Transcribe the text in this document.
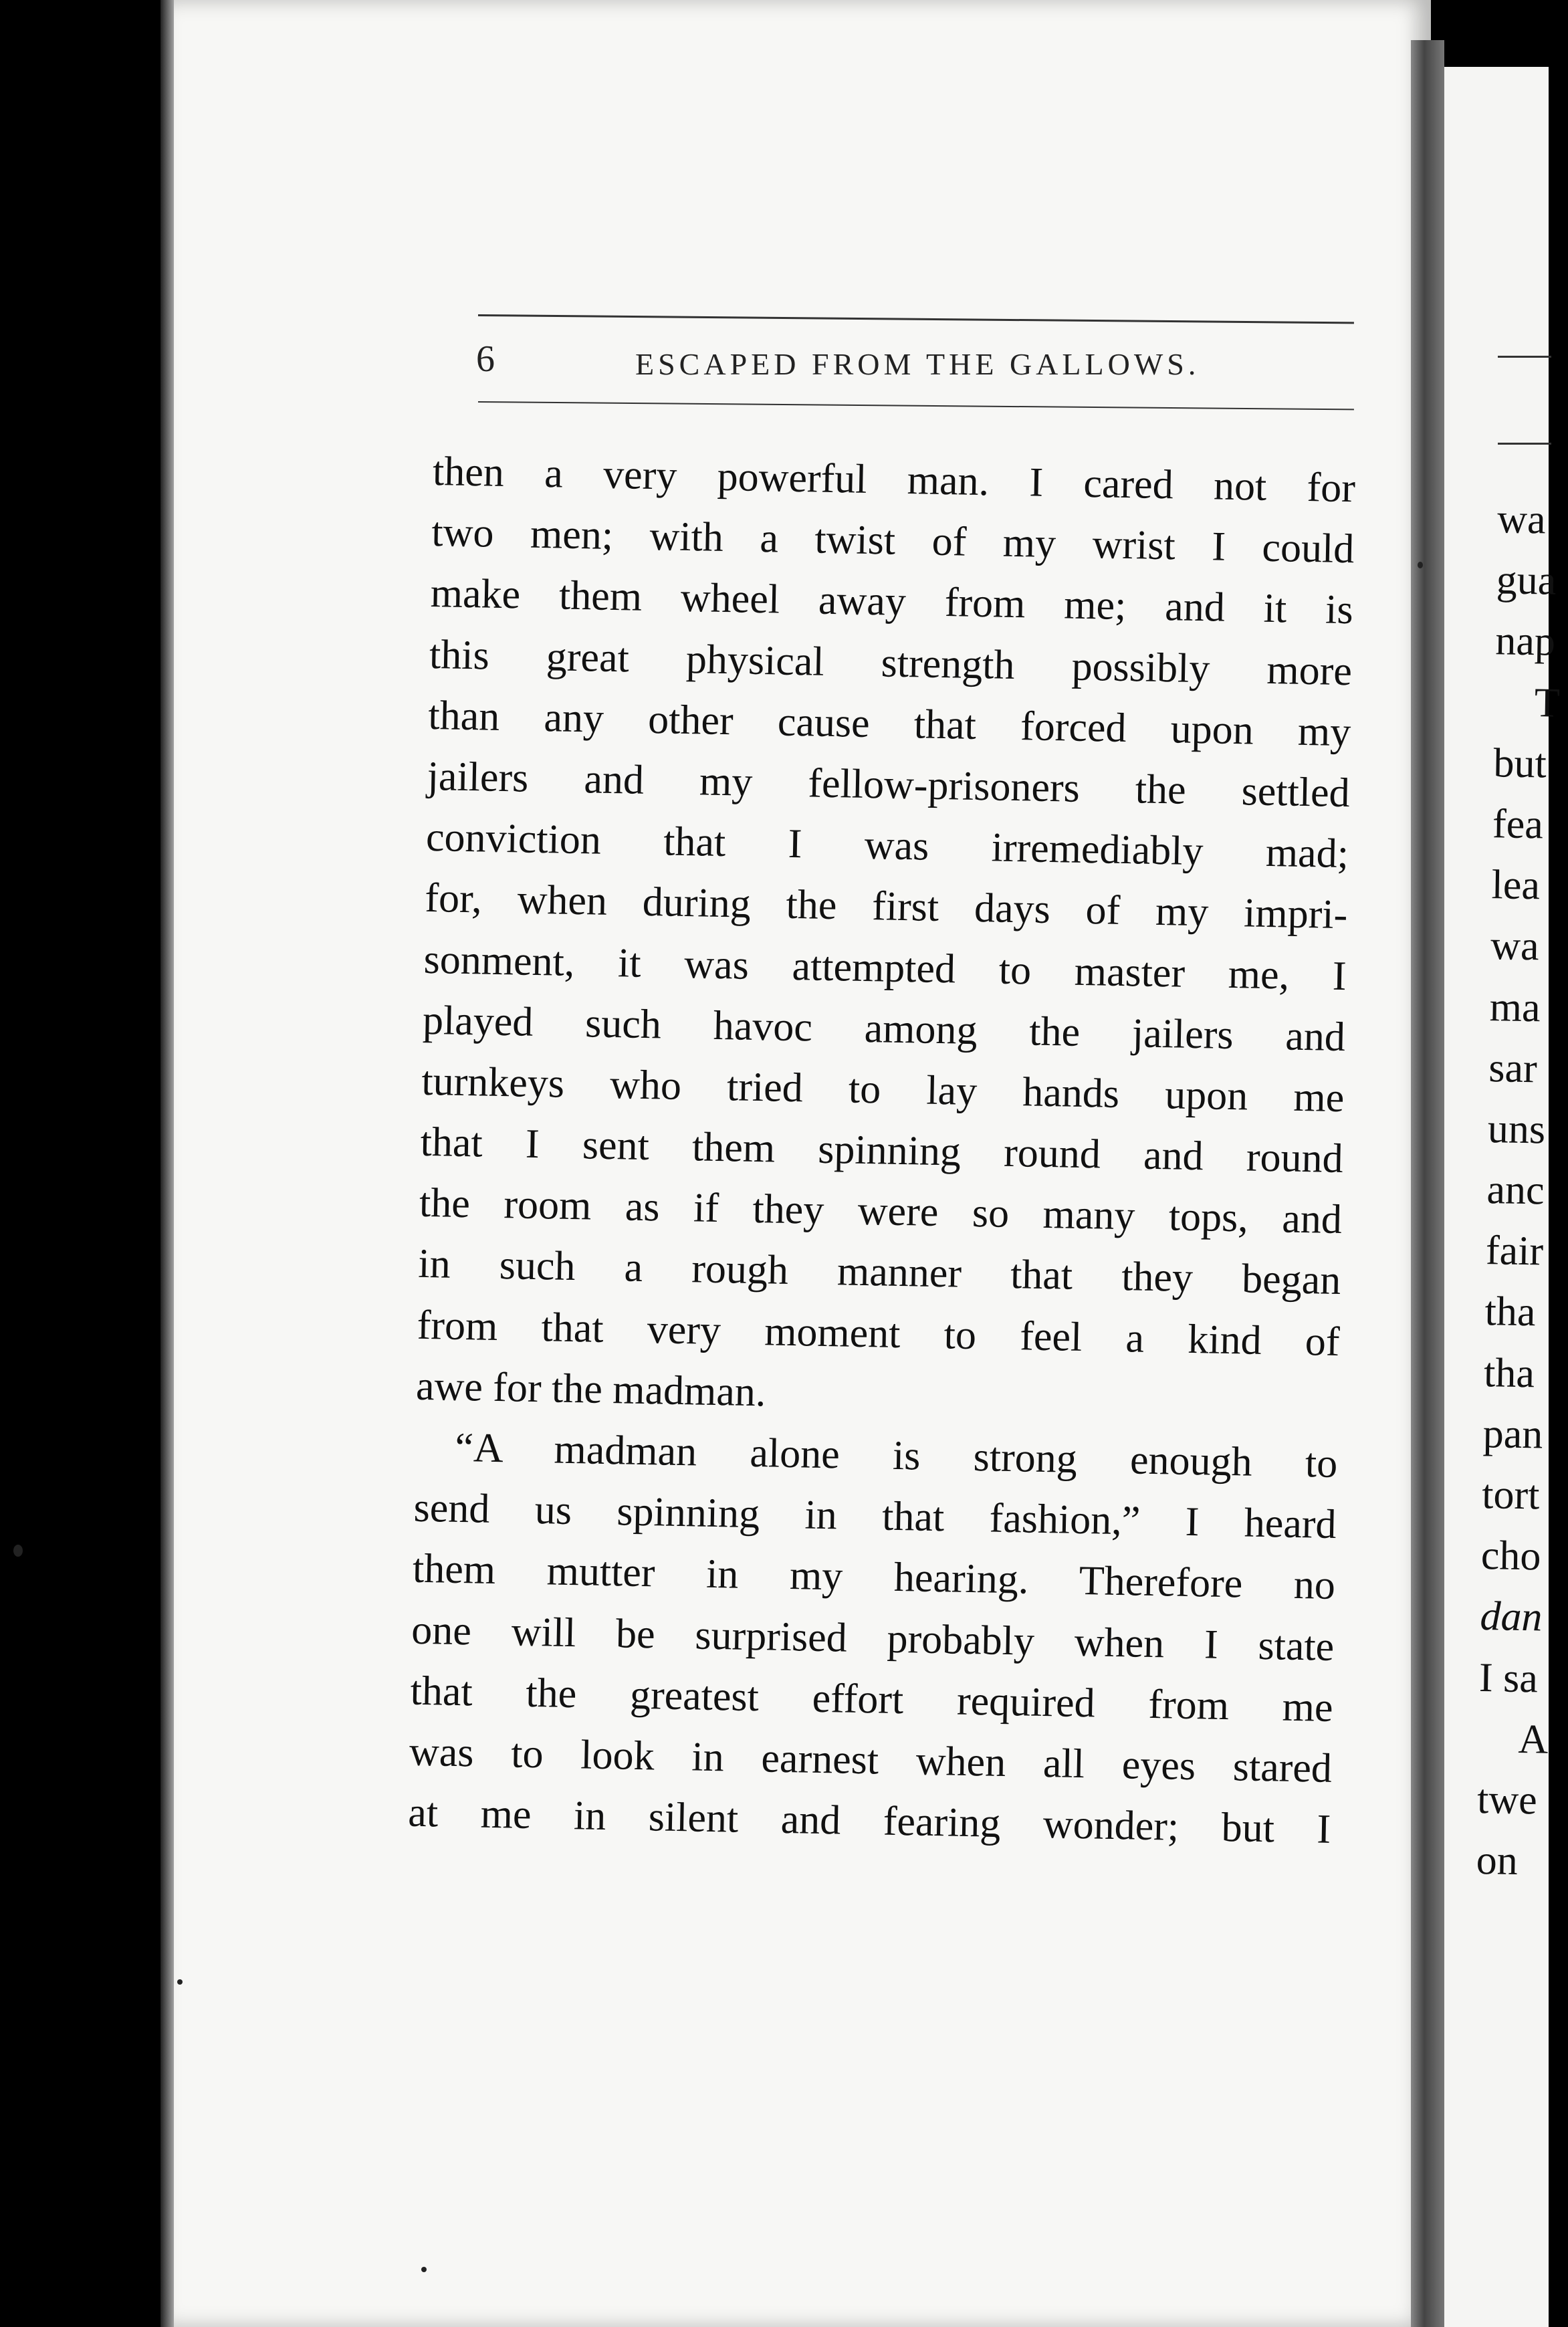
6	ESCAPED FROM THE GALLOWS.
then a very powerful man. I cared not for
two men; with a twist of my wrist I could
make them wheel away from me; and it is
this great physical strength possibly more
than any other cause that forced upon my
jailers and my fellow-prisoners the settled
conviction that I was irremediably mad;
for, when during the first days of my impri-
sonment, it was attempted to master me, I
played such havoc among the jailers and
turnkeys who tried to lay hands upon me
that I sent them spinning round and round
the room as if they were so many tops, and
in such a rough manner that they began
from that very moment to feel a kind of
awe for the madman.
“A madman alone is strong enough to
send us spinning in that fashion,” I heard
them mutter in my hearing. Therefore no
one will be surprised probably when I state
that the greatest effort required from me
was to look in earnest when all eyes stared
at me in silent and fearing wonder; but I
wa
gua
nap
T
but
fea
lea
wa
ma
sar
uns
anc
fair
tha
tha
pan
tort
cho
dan
I sa
A
twe
on
